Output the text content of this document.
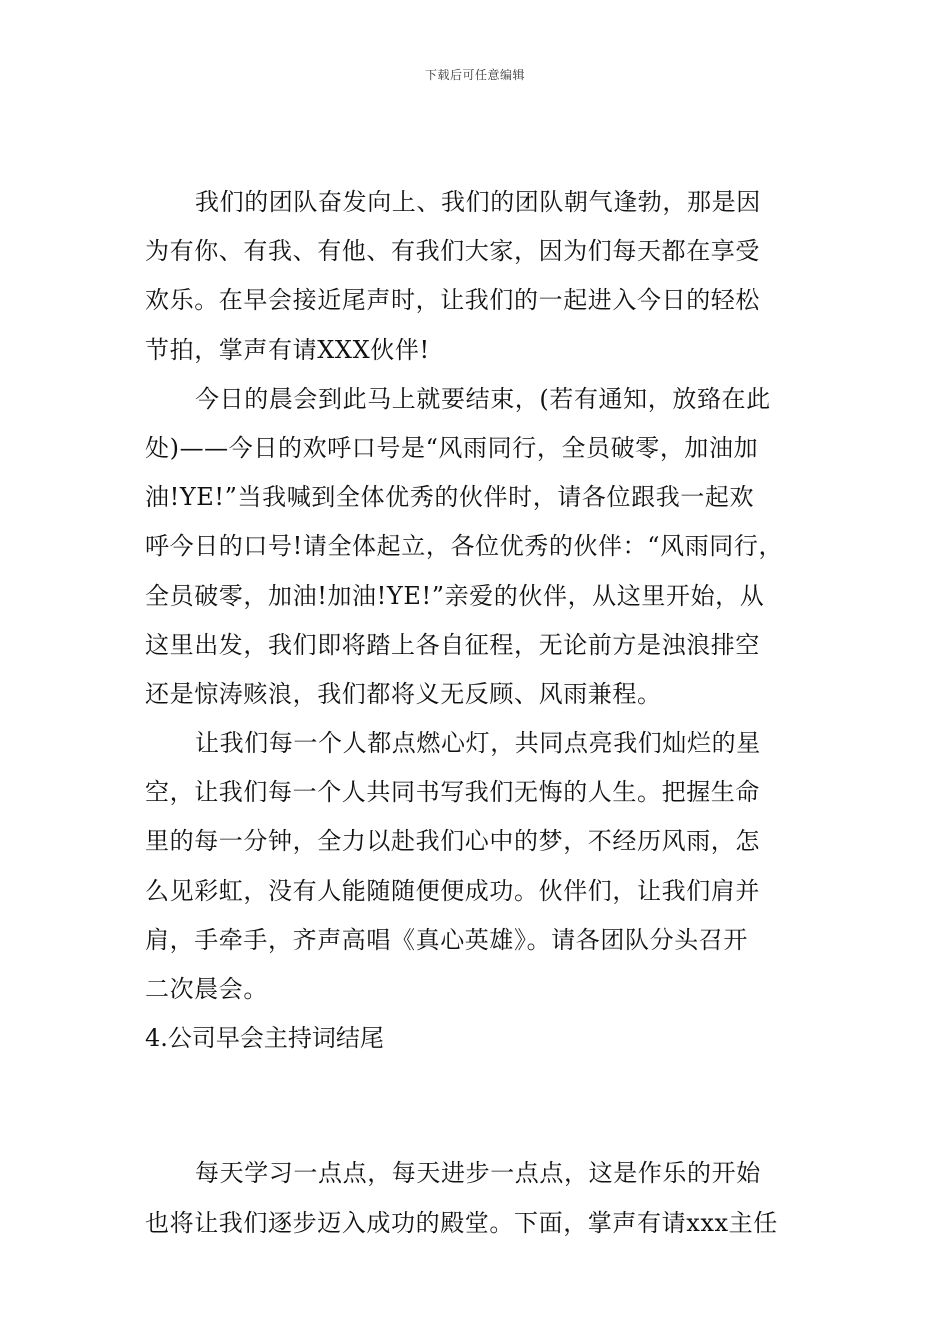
下载后可任意编辑
我们的团队奋发向上、我们的团队朝气逢勃，那是因
为有你、有我、有他、有我们大家，因为们每天都在享受
欢乐。在早会接近尾声时，让我们的一起进入今日的轻松
节拍，掌声有请XXX伙伴!
今日的晨会到此马上就要结束，(若有通知，放臵在此
处)——今日的欢呼口号是“风雨同行，全员破零，加油加
油!YE!”当我喊到全体优秀的伙伴时，请各位跟我一起欢
呼今日的口号!请全体起立，各位优秀的伙伴：“风雨同行，
全员破零，加油!加油!YE!”亲爱的伙伴，从这里开始，从
这里出发，我们即将踏上各自征程，无论前方是浊浪排空
还是惊涛赅浪，我们都将义无反顾、风雨兼程。
让我们每一个人都点燃心灯，共同点亮我们灿烂的星
空，让我们每一个人共同书写我们无悔的人生。把握生命
里的每一分钟，全力以赴我们心中的梦，不经历风雨，怎
么见彩虹，没有人能随随便便成功。伙伴们，让我们肩并
肩，手牵手，齐声高唱《真心英雄》。请各团队分头召开
二次晨会。
4.公司早会主持词结尾
每天学习一点点，每天进步一点点，这是作乐的开始
也将让我们逐步迈入成功的殿堂。下面，掌声有请xxx主任
